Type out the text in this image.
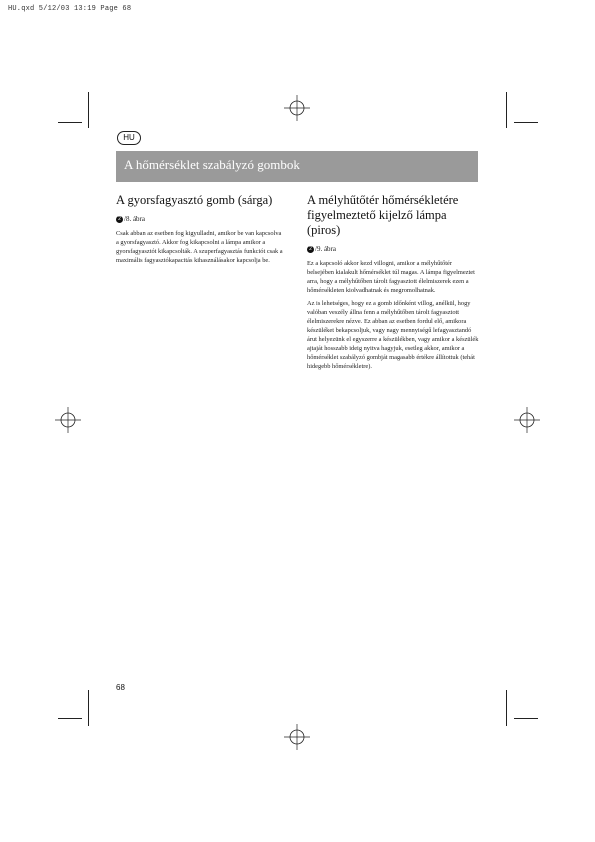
HU.qxd 5/12/03 13:19 Page 68
HU
A hőmérséklet szabályzó gombok
A gyorsfagyasztó gomb (sárga)
2 /8. ábra

Csak abban az esetben fog kigyulladni, amikor be van kapcsolva a gyorsfagyasztó. Akkor fog kikapcsolni a lámpa amikor a gyorsfagyasztót kikapcsolták. A szuperfagyasztás funkciót csak a maximális fagyasztókapacitás kihasználásakor kapcsolja be.

A mélyhűtőtér hőmérsékletére figyelmeztető kijelző lámpa (piros)
2 /9. ábra

Ez a kapcsoló akkor kezd villogni, amikor a mélyhűtőtér belsejében kialakult hőmérséklet túl magas. A lámpa figyelmeztet arra, hogy a mélyhűtőben tárolt fagyasztott élelmiszerek ezen a hőmérsékleten kiolvadhatnak és megromolhatnak.

Az is lehetséges, hogy ez a gomb időnként villog, anélkül, hogy valóban veszély állna fenn a mélyhűtőben tárolt fagyasztott élelmiszerekre nézve. Ez abban az esetben fordul elő, amikora készüléket bekapcsoljuk, vagy nagy mennyiségű lefagyasztandó árut helyezünk el egyszerre a készülékben, vagy amikor a készülék ajtaját hosszabb ideig nyitva hagyjuk, esetleg akkor, amikor a hőmérséklet szabályzó gombját magasabb értékre állítottuk (tehát hidegebb hőmérsékletre).

68
